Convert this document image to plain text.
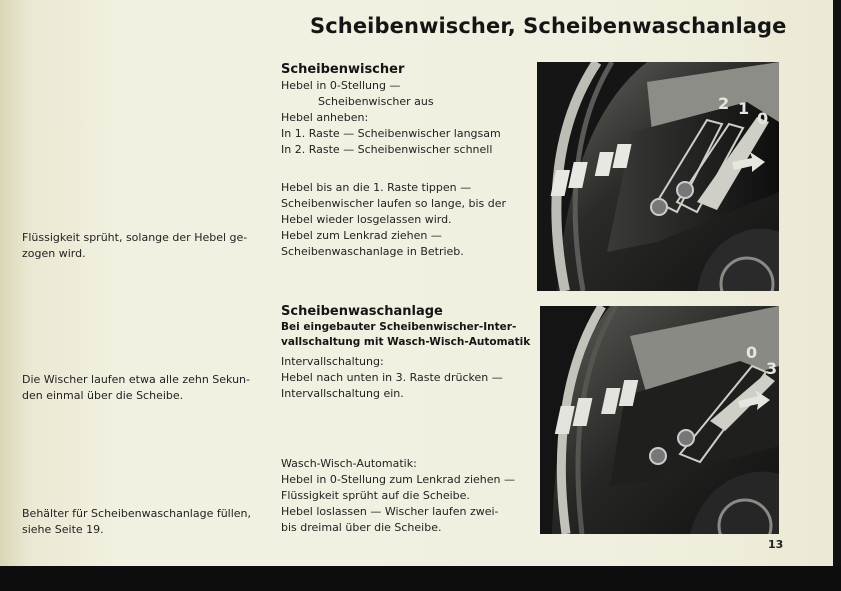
Scheibenwischer, Scheibenwaschanlage
Flüssigkeit sprüht, solange der Hebel ge-
zogen wird.
Die Wischer laufen etwa alle zehn Sekun-
den einmal über die Scheibe.
Behälter für Scheibenwaschanlage füllen,
siehe Seite 19.
Scheibenwischer
Hebel in 0-Stellung —
Scheibenwischer aus
Hebel anheben:
In 1. Raste — Scheibenwischer langsam
In 2. Raste — Scheibenwischer schnell
Hebel bis an die 1. Raste tippen —
Scheibenwischer laufen so lange, bis der
Hebel wieder losgelassen wird.
Hebel zum Lenkrad ziehen —
Scheibenwaschanlage in Betrieb.
Scheibenwaschanlage
Bei eingebauter Scheibenwischer-Inter-
vallschaltung mit Wasch-Wisch-Automatik
Intervallschaltung:
Hebel nach unten in 3. Raste drücken —
Intervallschaltung ein.
Wasch-Wisch-Automatik:
Hebel in 0-Stellung zum Lenkrad ziehen —
Flüssigkeit sprüht auf die Scheibe.
Hebel loslassen — Wischer laufen zwei-
bis dreimal über die Scheibe.
2 1
0
0
3
13
